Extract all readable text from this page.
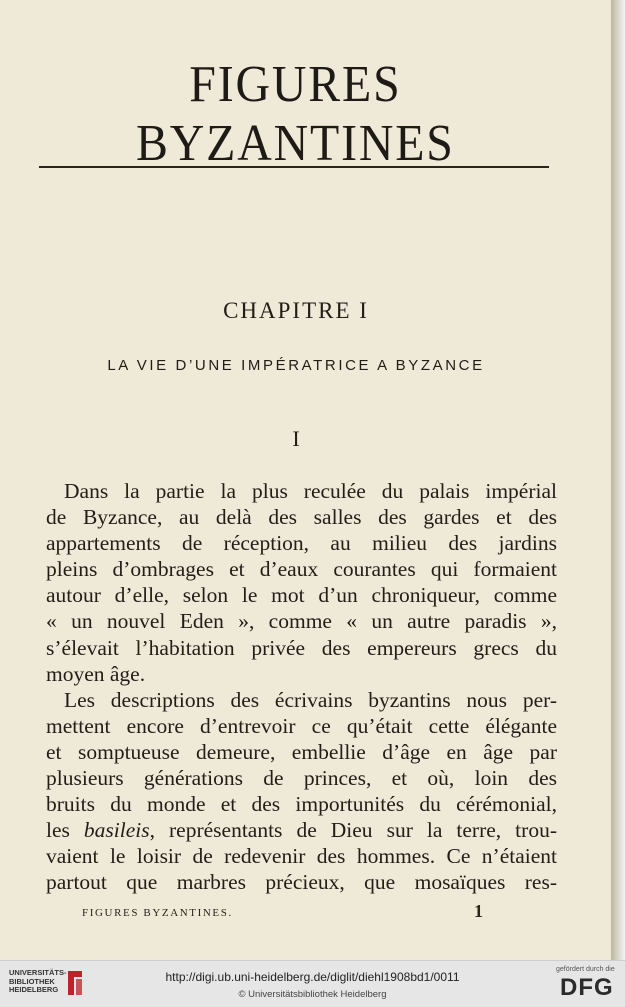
FIGURES BYZANTINES
CHAPITRE I
LA VIE D’UNE IMPÉRATRICE A BYZANCE
I
Dans la partie la plus reculée du palais impérial
de Byzance, au delà des salles des gardes et des
appartements de réception, au milieu des jardins
pleins d’ombrages et d’eaux courantes qui formaient
autour d’elle, selon le mot d’un chroniqueur, comme
« un nouvel Eden », comme « un autre paradis »,
s’élevait l’habitation privée des empereurs grecs du
moyen âge.
Les descriptions des écrivains byzantins nous per-
mettent encore d’entrevoir ce qu’était cette élégante
et somptueuse demeure, embellie d’âge en âge par
plusieurs générations de princes, et où, loin des
bruits du monde et des importunités du cérémonial,
les basileis, représentants de Dieu sur la terre, trou-
vaient le loisir de redevenir des hommes. Ce n’étaient
partout que marbres précieux, que mosaïques res-
FIGURES BYZANTINES.	1
UNIVERSITÄTS-
BIBLIOTHEK
HEIDELBERG
http://digi.ub.uni-heidelberg.de/diglit/diehl1908bd1/0011
© Universitätsbibliothek Heidelberg
gefördert durch die
DFG
